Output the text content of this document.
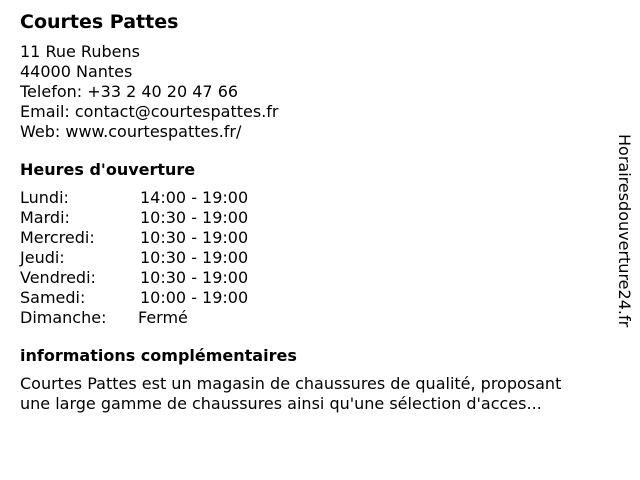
Courtes Pattes
11 Rue Rubens
44000 Nantes
Telefon: +33 2 40 20 47 66
Email: contact@courtespattes.fr
Web: www.courtespattes.fr/
Heures d'ouverture
Lundi:	14:00 - 19:00
Mardi:	10:30 - 19:00
Mercredi:	10:30 - 19:00
Jeudi:	10:30 - 19:00
Vendredi:	10:30 - 19:00
Samedi:	10:00 - 19:00
Dimanche:	Fermé
informations complémentaires

Courtes Pattes est un magasin de chaussures de qualité, proposant
une large gamme de chaussures ainsi qu'une sélection d'acces...

Horairesdouverture24.fr
